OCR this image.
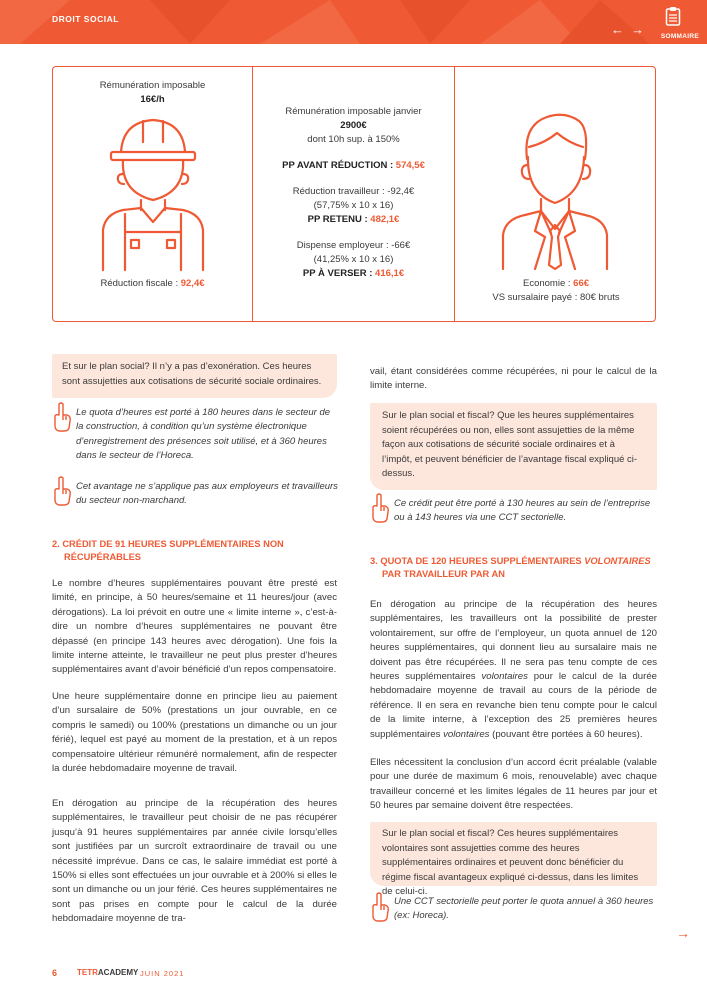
DROIT SOCIAL
← →	SOMMAIRE
Rémunération imposable
16€/h
Réduction fiscale : 92,4€
Rémunération imposable janvier
2900€
dont 10h sup. à 150%
PP AVANT RÉDUCTION : 574,5€
Réduction travailleur : -92,4€
(57,75% x 10 x 16)
PP RETENU : 482,1€
Dispense employeur : -66€
(41,25% x 10 x 16)
PP À VERSER : 416,1€
Economie : 66€
VS sursalaire payé : 80€ bruts
Et sur le plan social? Il n’y a pas d’exonération. Ces heures sont assujetties aux cotisations de sécurité sociale ordinaires.
Le quota d’heures est porté à 180 heures dans le secteur de la construction, à condition qu’un système électronique d’enregistrement des présences soit utilisé, et à 360 heures dans le secteur de l’Horeca.
Cet avantage ne s’applique pas aux employeurs et travailleurs du secteur non-marchand.
2. CRÉDIT DE 91 HEURES SUPPLÉMENTAIRES NON
RÉCUPÉRABLES
Le nombre d’heures supplémentaires pouvant être presté est limité, en principe, à 50 heures/semaine et 11 heures/jour (avec dérogations). La loi prévoit en outre une « limite interne », c’est-à-dire un nombre d’heures supplémentaires ne pouvant être dépassé (en principe 143 heures avec dérogation). Une fois la limite interne atteinte, le travailleur ne peut plus prester d’heures supplémentaires avant d’avoir bénéficié d’un repos compensatoire.
Une heure supplémentaire donne en principe lieu au paiement d’un sursalaire de 50% (prestations un jour ouvrable, en ce compris le samedi) ou 100% (prestations un dimanche ou un jour férié), lequel est payé au moment de la prestation, et à un repos compensatoire ultérieur rémunéré normalement, afin de respecter la durée hebdomadaire moyenne de travail.
En dérogation au principe de la récupération des heures supplémentaires, le travailleur peut choisir de ne pas récupérer jusqu’à 91 heures supplémentaires par année civile lorsqu’elles sont justifiées par un surcroît extraordinaire de travail ou une nécessité imprévue. Dans ce cas, le salaire immédiat est porté à 150% si elles sont effectuées un jour ouvrable et à 200% si elles le sont un dimanche ou un jour férié. Ces heures supplémentaires ne sont pas prises en compte pour le calcul de la durée hebdomadaire moyenne de tra-
vail, étant considérées comme récupérées, ni pour le calcul de la limite interne.
Sur le plan social et fiscal? Que les heures supplémentaires soient récupérées ou non, elles sont assujetties de la même façon aux cotisations de sécurité sociale ordinaires et à l’impôt, et peuvent bénéficier de l’avantage fiscal expliqué ci-dessus.
Ce crédit peut être porté à 130 heures au sein de l’entreprise ou à 143 heures via une CCT sectorielle.
3. QUOTA DE 120 HEURES SUPPLÉMENTAIRES VOLONTAIRES
PAR TRAVAILLEUR PAR AN
En dérogation au principe de la récupération des heures supplémentaires, les travailleurs ont la possibilité de prester volontairement, sur offre de l’employeur, un quota annuel de 120 heures supplémentaires, qui donnent lieu au sursalaire mais ne doivent pas être récupérées. Il ne sera pas tenu compte de ces heures supplémentaires volontaires pour le calcul de la durée hebdomadaire moyenne de travail au cours de la période de référence. Il en sera en revanche bien tenu compte pour le calcul de la limite interne, à l’exception des 25 premières heures supplémentaires volontaires (pouvant être portées à 60 heures).
Elles nécessitent la conclusion d’un accord écrit préalable (valable pour une durée de maximum 6 mois, renouvelable) avec chaque travailleur concerné et les limites légales de 11 heures par jour et 50 heures par semaine doivent être respectées.
Sur le plan social et fiscal? Ces heures supplémentaires volontaires sont assujetties comme des heures supplémentaires ordinaires et peuvent donc bénéficier du régime fiscal avantageux expliqué ci-dessus, dans les limites de celui-ci.
Une CCT sectorielle peut porter le quota annuel à 360 heures (ex: Horeca).
→
6 TETRACADEMY JUIN 2021
